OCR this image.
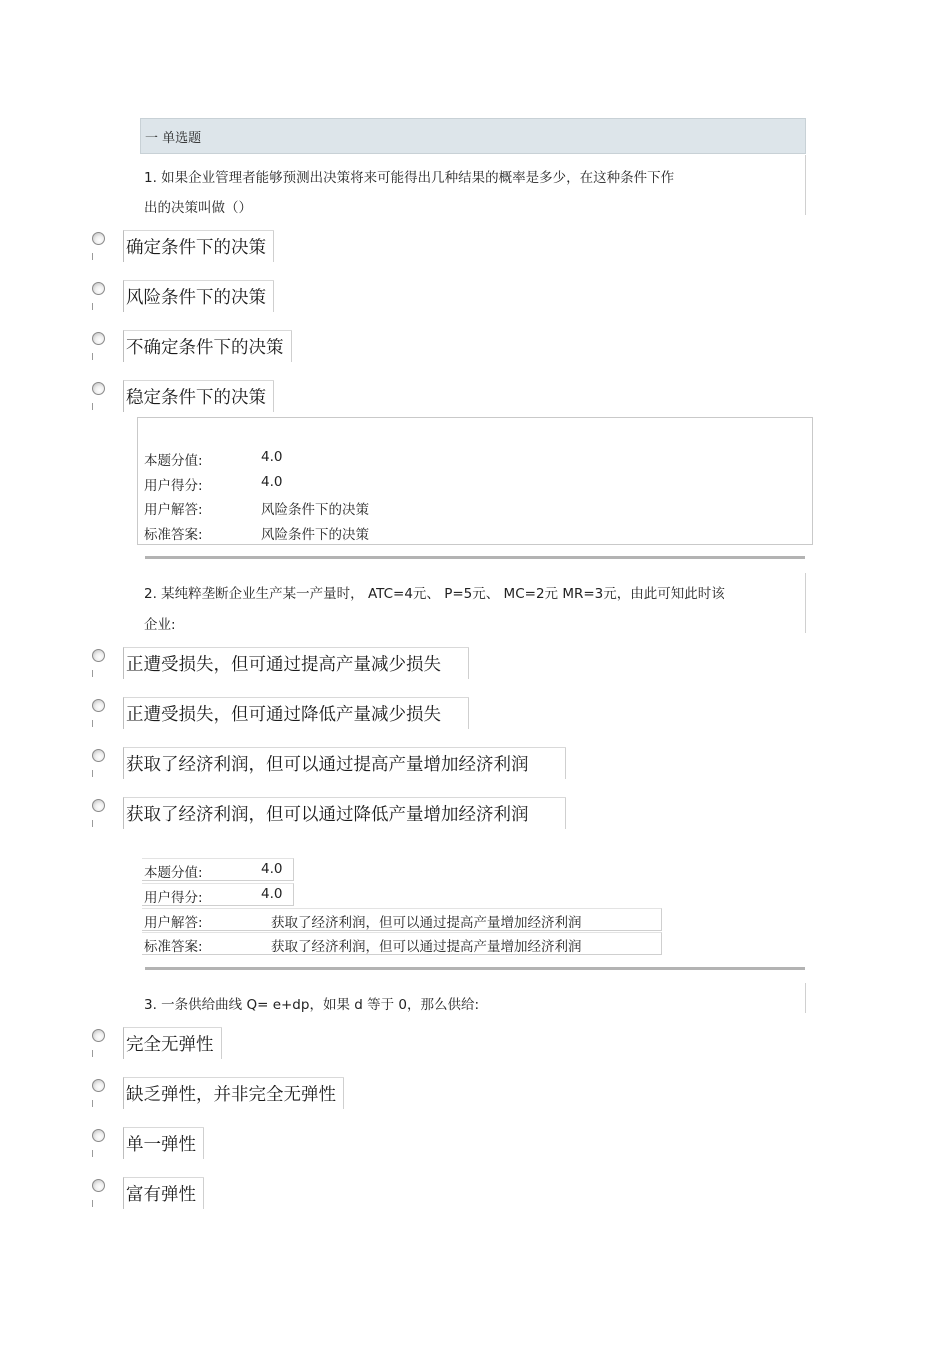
一 单选题
1. 如果企业管理者能够预测出决策将来可能得出几种结果的概率是多少，在这种条件下作
出的决策叫做（）
确定条件下的决策
风险条件下的决策
不确定条件下的决策
稳定条件下的决策
本题分值:	4.0
用户得分:	4.0
用户解答:	风险条件下的决策
标准答案:	风险条件下的决策
2. 某纯粹垄断企业生产某一产量时， ATC=4元、 P=5元、 MC=2元 MR=3元，由此可知此时该
企业:
正遭受损失，但可通过提高产量减少损失
正遭受损失，但可通过降低产量减少损失
获取了经济利润，但可以通过提高产量增加经济利润
获取了经济利润，但可以通过降低产量增加经济利润
本题分值:	4.0
用户得分:	4.0
用户解答:	获取了经济利润，但可以通过提高产量增加经济利润
标准答案:	获取了经济利润，但可以通过提高产量增加经济利润
3. 一条供给曲线 Q= e+dp，如果 d 等于 0，那么供给:
完全无弹性
缺乏弹性，并非完全无弹性
单一弹性
富有弹性
